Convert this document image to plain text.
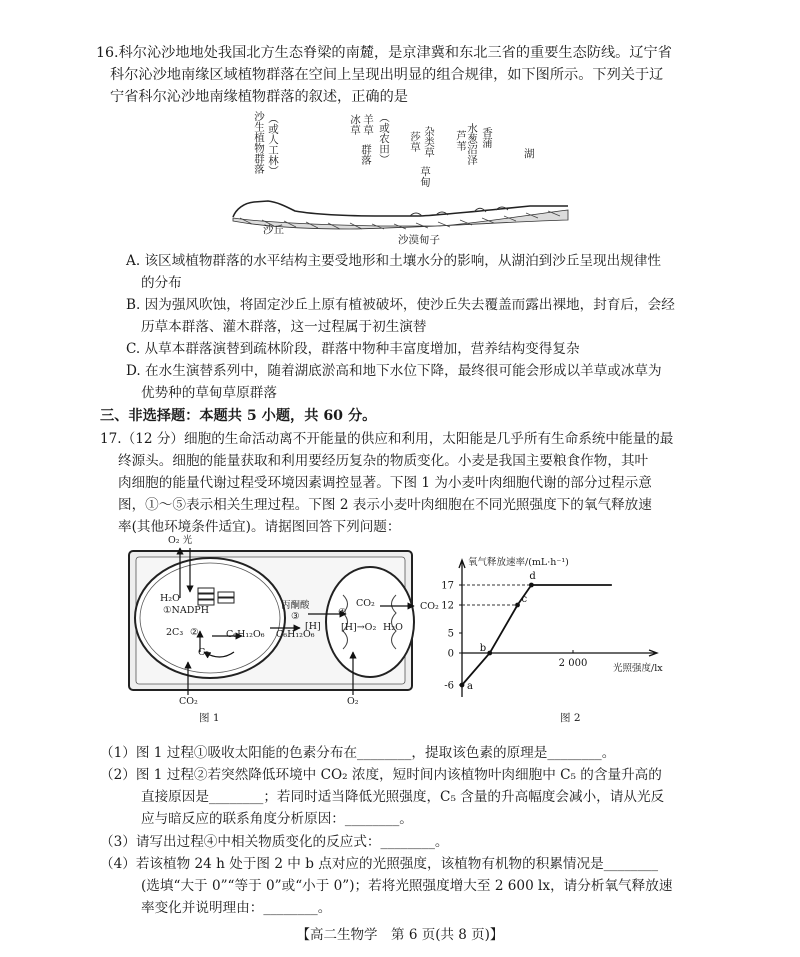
16.科尔沁沙地地处我国北方生态脊梁的南麓，是京津冀和东北三省的重要生态防线。辽宁省
科尔沁沙地南缘区域植物群落在空间上呈现出明显的组合规律，如下图所示。下列关于辽
宁省科尔沁沙地南缘植物群落的叙述，正确的是
沙生植物群落 （或人工林）	冰草 羊草
群落 （或农田）	杂类草
草甸
莎草	芦苇 水葱沼泽 香蒲
湖
沙丘
沙漠甸子
A. 该区域植物群落的水平结构主要受地形和土壤水分的影响，从湖泊到沙丘呈现出规律性
的分布
B. 因为强风吹蚀，将固定沙丘上原有植被破坏，使沙丘失去覆盖而露出裸地，封育后，会经
历草本群落、灌木群落，这一过程属于初生演替
C. 从草本群落演替到疏林阶段，群落中物种丰富度增加，营养结构变得复杂
D. 在水生演替系列中，随着湖底淤高和地下水位下降，最终很可能会形成以羊草或冰草为
优势种的草甸草原群落
三、非选择题：本题共 5 小题，共 60 分。
17.（12 分）细胞的生命活动离不开能量的供应和利用，太阳能是几乎所有生命系统中能量的最
终源头。细胞的能量获取和利用要经历复杂的物质变化。小麦是我国主要粮食作物，其叶
肉细胞的能量代谢过程受环境因素调控显著。下图 1 为小麦叶肉细胞代谢的部分过程示意
图，①～⑤表示相关生理过程。下图 2 表示小麦叶肉细胞在不同光照强度下的氧气释放速
率(其他环境条件适宜)。请据图回答下列问题：
O₂ 光
H₂O
①NADPH
2C₃ ②
C₅
C₆H₁₂O₆
丙酮酸
③
C₆H₁₂O₆
[H]
④
[H]→O₂
CO₂
H₂O
CO₂
CO₂	O₂
图 1
17
12
5
0
-6
2 000
a
b
c
d
氧气释放速率/(mL·h⁻¹)
光照强度/lx
图 2
（1）图 1 过程①吸收太阳能的色素分布在________，提取该色素的原理是________。
（2）图 1 过程②若突然降低环境中 CO₂ 浓度，短时间内该植物叶肉细胞中 C₅ 的含量升高的
直接原因是________；若同时适当降低光照强度，C₅ 含量的升高幅度会减小，请从光反
应与暗反应的联系角度分析原因：________。
（3）请写出过程④中相关物质变化的反应式：________。
（4）若该植物 24 h 处于图 2 中 b 点对应的光照强度，该植物有机物的积累情况是________
(选填“大于 0”“等于 0”或“小于 0”)；若将光照强度增大至 2 600 lx，请分析氧气释放速
率变化并说明理由：________。
【高二生物学　第 6 页(共 8 页)】
